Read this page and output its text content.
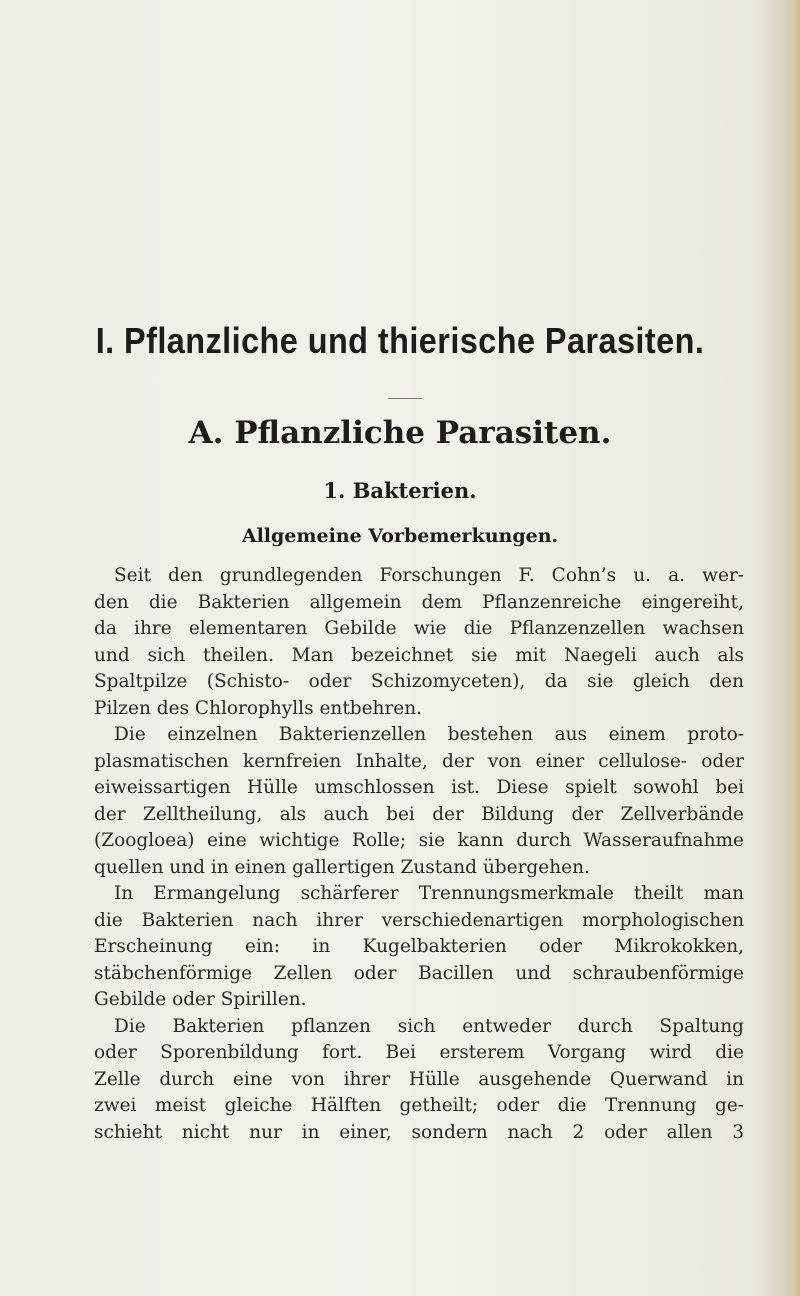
I. Pflanzliche und thierische Parasiten.
A. Pflanzliche Parasiten.
1. Bakterien.
Allgemeine Vorbemerkungen.
Seit den grundlegenden Forschungen F. Cohn’s u. a. wer-
den die Bakterien allgemein dem Pflanzenreiche eingereiht,
da ihre elementaren Gebilde wie die Pflanzenzellen wachsen
und sich theilen. Man bezeichnet sie mit Naegeli auch als
Spaltpilze (Schisto- oder Schizomyceten), da sie gleich den
Pilzen des Chlorophylls entbehren.
Die einzelnen Bakterienzellen bestehen aus einem proto-
plasmatischen kernfreien Inhalte, der von einer cellulose- oder
eiweissartigen Hülle umschlossen ist. Diese spielt sowohl bei
der Zelltheilung, als auch bei der Bildung der Zellverbände
(Zoogloea) eine wichtige Rolle; sie kann durch Wasseraufnahme
quellen und in einen gallertigen Zustand übergehen.
In Ermangelung schärferer Trennungsmerkmale theilt man
die Bakterien nach ihrer verschiedenartigen morphologischen
Erscheinung ein: in Kugelbakterien oder Mikrokokken,
stäbchenförmige Zellen oder Bacillen und schraubenförmige
Gebilde oder Spirillen.
Die Bakterien pflanzen sich entweder durch Spaltung
oder Sporenbildung fort. Bei ersterem Vorgang wird die
Zelle durch eine von ihrer Hülle ausgehende Querwand in
zwei meist gleiche Hälften getheilt; oder die Trennung ge-
schieht nicht nur in einer, sondern nach 2 oder allen 3
